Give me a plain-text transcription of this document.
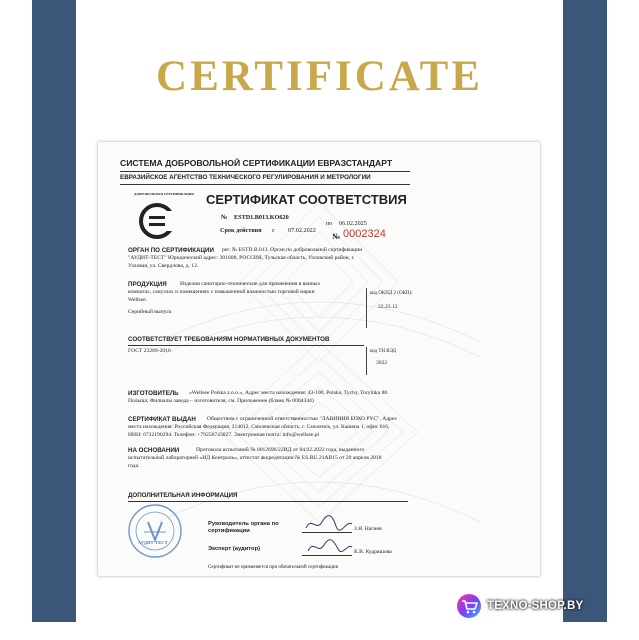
CERTIFICATE
СИСТЕМА ДОБРОВОЛЬНОЙ СЕРТИФИКАЦИИ ЕВРАЗСТАНДАРТ
ЕВРАЗИЙСКОЕ АГЕНТСТВО ТЕХНИЧЕСКОГО РЕГУЛИРОВАНИЯ И МЕТРОЛОГИИ
ДОБРОВОЛЬНАЯ СЕРТИФИКАЦИЯ СЕРТИФИКАТ СООТВЕТСТВИЯ
№ ESTD1.B013.KO620
Срок действия с 07.02.2022
по 06.02.2025
№ 0002324
ОРГАН ПО СЕРТИФИКАЦИИ рег. № ESTD.B.013. Орган по добровольной сертификации
"АУДИТ-ТЕСТ" Юридический адрес: 301608, РОССИЯ, Тульская область, Узловский район, г.
Узловая, ул. Свердлова, д. 12.
ПРОДУКЦИЯ Изделия санитарно-технические для применения в ванных
комнатах, санузлах и помещениях с повышенной влажностью торговой марки
Wellsee.
Серийный выпуск
код ОКПД 2 (ОКП):
22.23.12
СООТВЕТСТВУЕТ ТРЕБОВАНИЯМ НОРМАТИВНЫХ ДОКУМЕНТОВ
ГОСТ 23289-2016	код ТН ВЭД
3922
ИЗГОТОВИТЕЛЬ «Wellsee Polska z.o.o.», Адрес места нахождения: 43-100, Polska, Tychy, Toryinka 80.
Польша; Филиалы завода – изготовителя, см. Приложение (бланк № 0004344)
СЕРТИФИКАТ ВЫДАН Обществом с ограниченной ответственностью "ЛАВИНИЯ БОХО РУС", Адрес
места нахождения: Российская Федерация, 214012, Смоленская область, г. Смоленск, ул. Кашена 1, офис 616,
ИНН: 6732190294. Телефон: +79256743827. Электронная почта: info@wellsee.pl
НА ОСНОВАНИИ	Протокола испытаний № 0012696/22ИД от 04.02.2022 года, выданного
испытательной лабораторией «ИД Контроль», аттестат аккредитации № ES.RU.21AB15 от 20 апреля 2018
года.
ДОПОЛНИТЕЛЬНАЯ ИНФОРМАЦИЯ
АУДИТ-ТЕСТ
Руководитель органа по сертификации	З.Я. Нагиев
Эксперт (аудитор)	К.В. Кудряшова
Сертификат не применяется при обязательной сертификации
TEXNO-SHOP.BY
